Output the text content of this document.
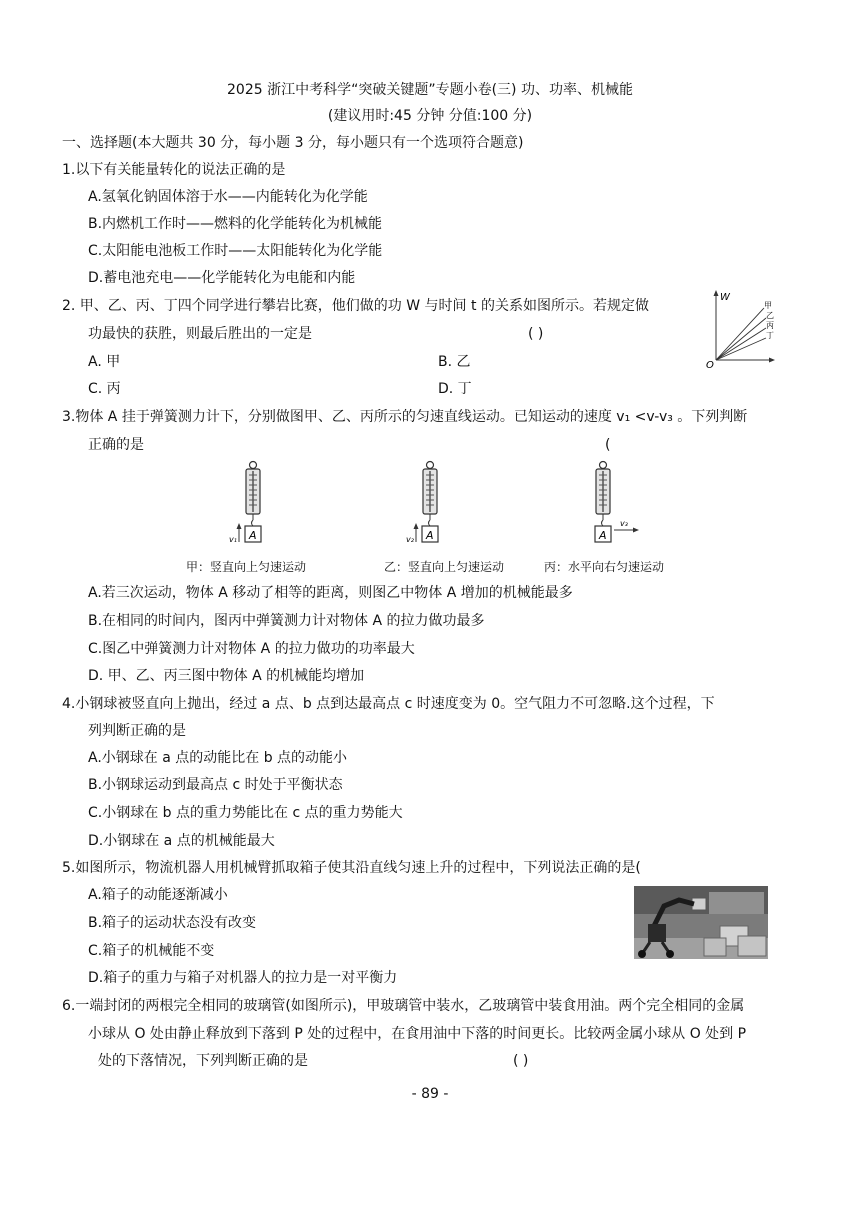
2025 浙江中考科学“突破关键题”专题小卷(三) 功、功率、机械能
(建议用时:45 分钟 分值:100 分)
一、选择题(本大题共 30 分，每小题 3 分，每小题只有一个选项符合题意)
1.以下有关能量转化的说法正确的是
A.氢氧化钠固体溶于水——内能转化为化学能
B.内燃机工作时——燃料的化学能转化为机械能
C.太阳能电池板工作时——太阳能转化为化学能
D.蓄电池充电——化学能转化为电能和内能
2. 甲、乙、丙、丁四个同学进行攀岩比赛，他们做的功 W 与时间 t 的关系如图所示。若规定做
功最快的获胜，则最后胜出的一定是	( )
A. 甲	B. 乙
C. 丙	D. 丁
W
O
甲
乙
丙
丁
3.物体 A 挂于弹簧测力计下，分别做图甲、乙、丙所示的匀速直线运动。已知运动的速度 v₁ <v-v₃ 。下列判断
正确的是	(
A
v₁
甲：竖直向上匀速运动
A
v₂
乙：竖直向上匀速运动
A
v₃
丙：水平向右匀速运动
A.若三次运动，物体 A 移动了相等的距离，则图乙中物体 A 增加的机械能最多
B.在相同的时间内，图丙中弹簧测力计对物体 A 的拉力做功最多
C.图乙中弹簧测力计对物体 A 的拉力做功的功率最大
D. 甲、乙、丙三图中物体 A 的机械能均增加
4.小钢球被竖直向上抛出，经过 a 点、b 点到达最高点 c 时速度变为 0。空气阻力不可忽略.这个过程，下
列判断正确的是
A.小钢球在 a 点的动能比在 b 点的动能小
B.小钢球运动到最高点 c 时处于平衡状态
C.小钢球在 b 点的重力势能比在 c 点的重力势能大
D.小钢球在 a 点的机械能最大
5.如图所示，物流机器人用机械臂抓取箱子使其沿直线匀速上升的过程中，下列说法正确的是(
A.箱子的动能逐渐减小
B.箱子的运动状态没有改变
C.箱子的机械能不变
D.箱子的重力与箱子对机器人的拉力是一对平衡力
6.一端封闭的两根完全相同的玻璃管(如图所示)，甲玻璃管中装水，乙玻璃管中装食用油。两个完全相同的金属
小球从 O 处由静止释放到下落到 P 处的过程中，在食用油中下落的时间更长。比较两金属小球从 O 处到 P
处的下落情况，下列判断正确的是	( )
- 89 -
